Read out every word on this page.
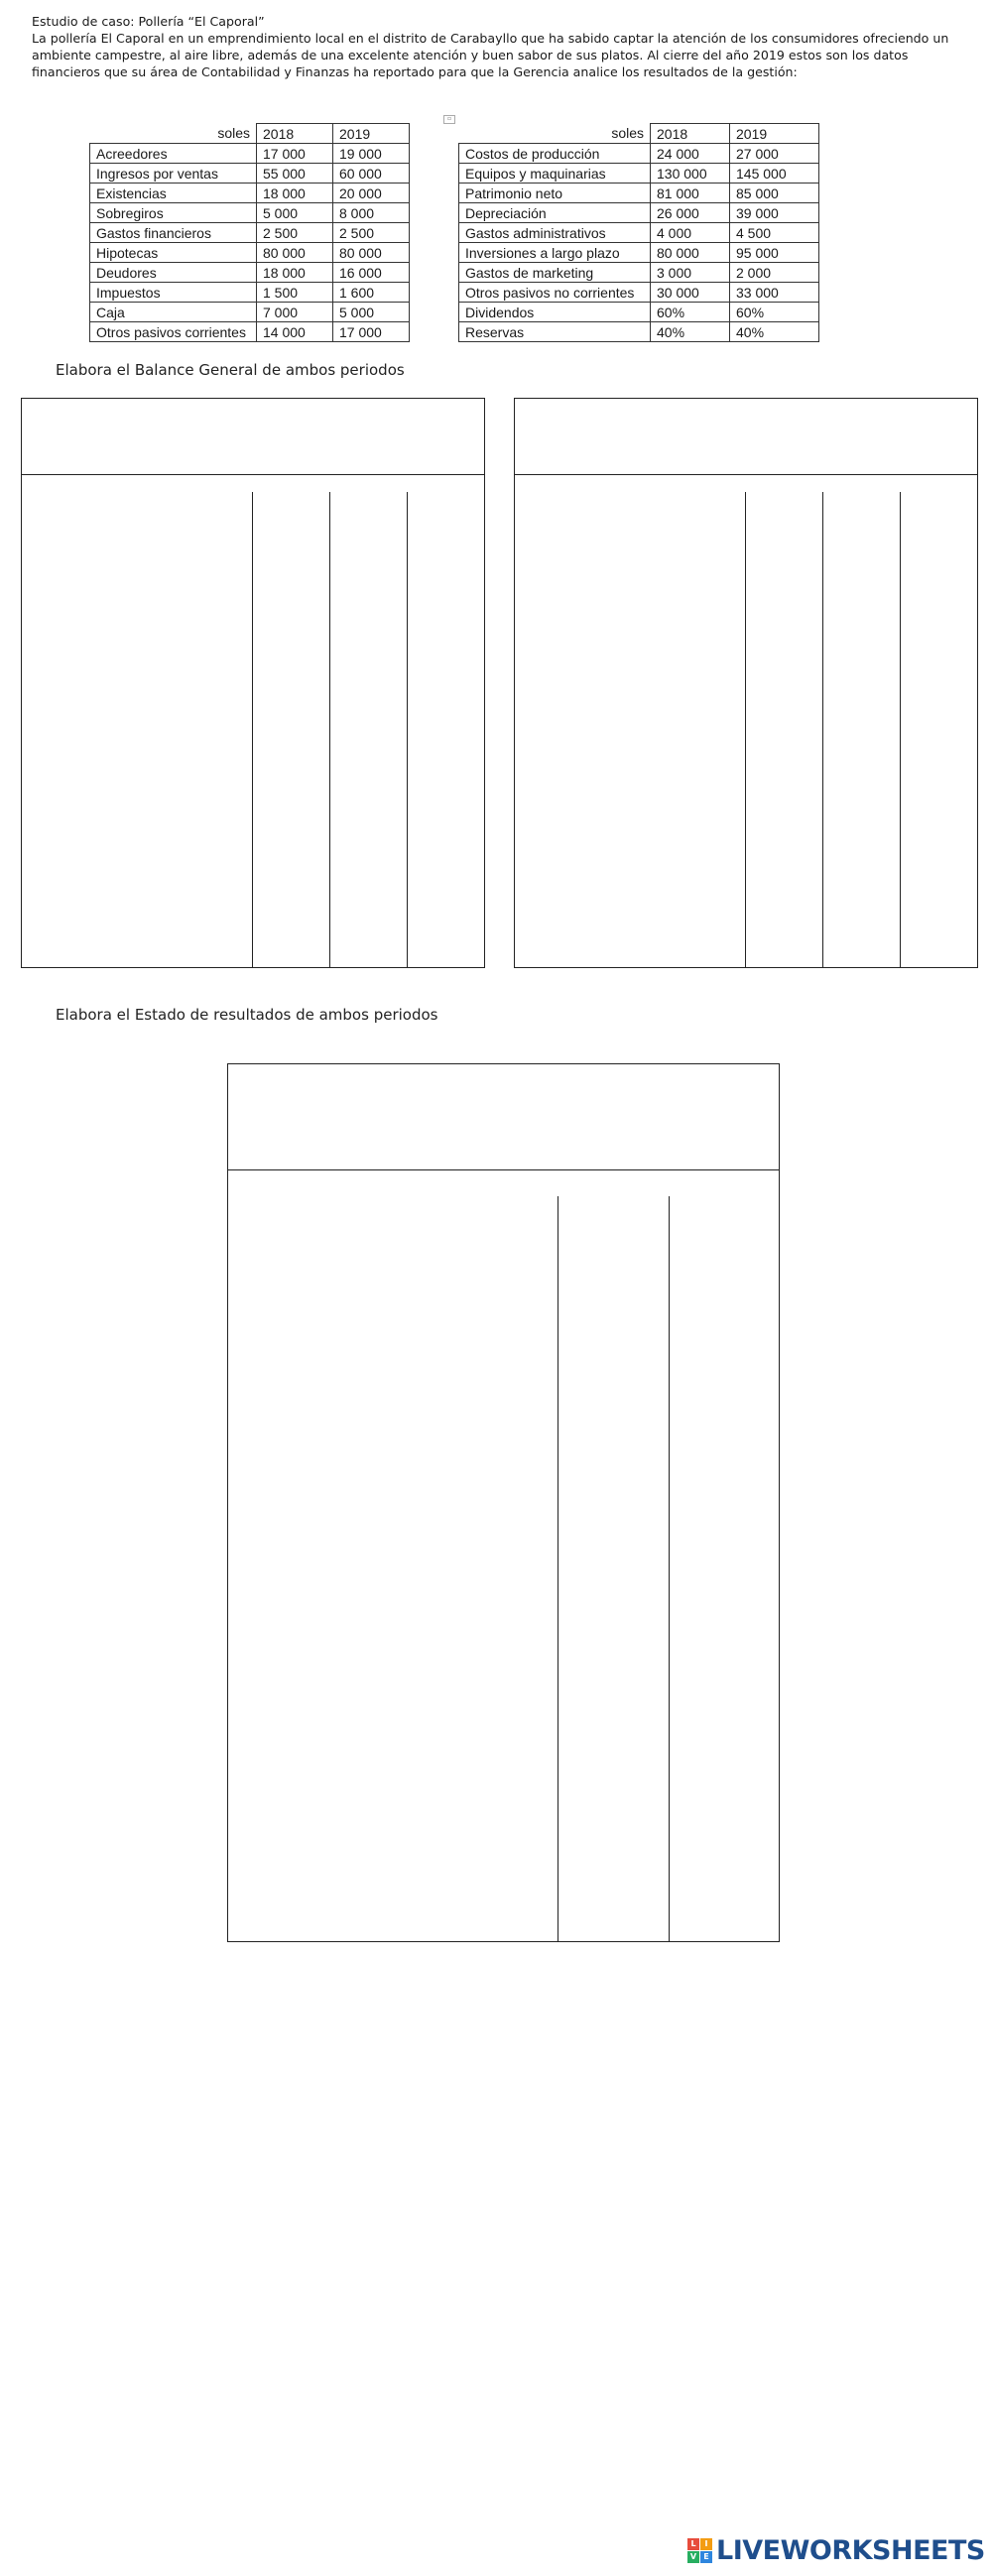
Estudio de caso: Pollería “El Caporal”

La pollería El Caporal en un emprendimiento local en el distrito de Carabayllo que ha sabido captar la atención de los consumidores ofreciendo un ambiente campestre, al aire libre, además de una excelente atención y buen sabor de sus platos. Al cierre del año 2019 estos son los datos financieros que su área de Contabilidad y Finanzas ha reportado para que la Gerencia analice los resultados de la gestión:

▫
soles	2018	2019
Acreedores	17 000	19 000
Ingresos por ventas	55 000	60 000
Existencias	18 000	20 000
Sobregiros	5 000	8 000
Gastos financieros	2 500	2 500
Hipotecas	80 000	80 000
Deudores	18 000	16 000
Impuestos	1 500	1 600
Caja	7 000	5 000
Otros pasivos corrientes	14 000	17 000
soles	2018	2019
Costos de producción	24 000	27 000
Equipos y maquinarias	130 000	145 000
Patrimonio neto	81 000	85 000
Depreciación	26 000	39 000
Gastos administrativos	4 000	4 500
Inversiones a largo plazo	80 000	95 000
Gastos de marketing	3 000	2 000
Otros pasivos no corrientes	30 000	33 000
Dividendos	60%	60%
Reservas	40%	40%
Elabora el Balance General de ambos periodos
Elabora el Estado de resultados de ambos periodos
L	I
V E LIVEWORKSHEETS
